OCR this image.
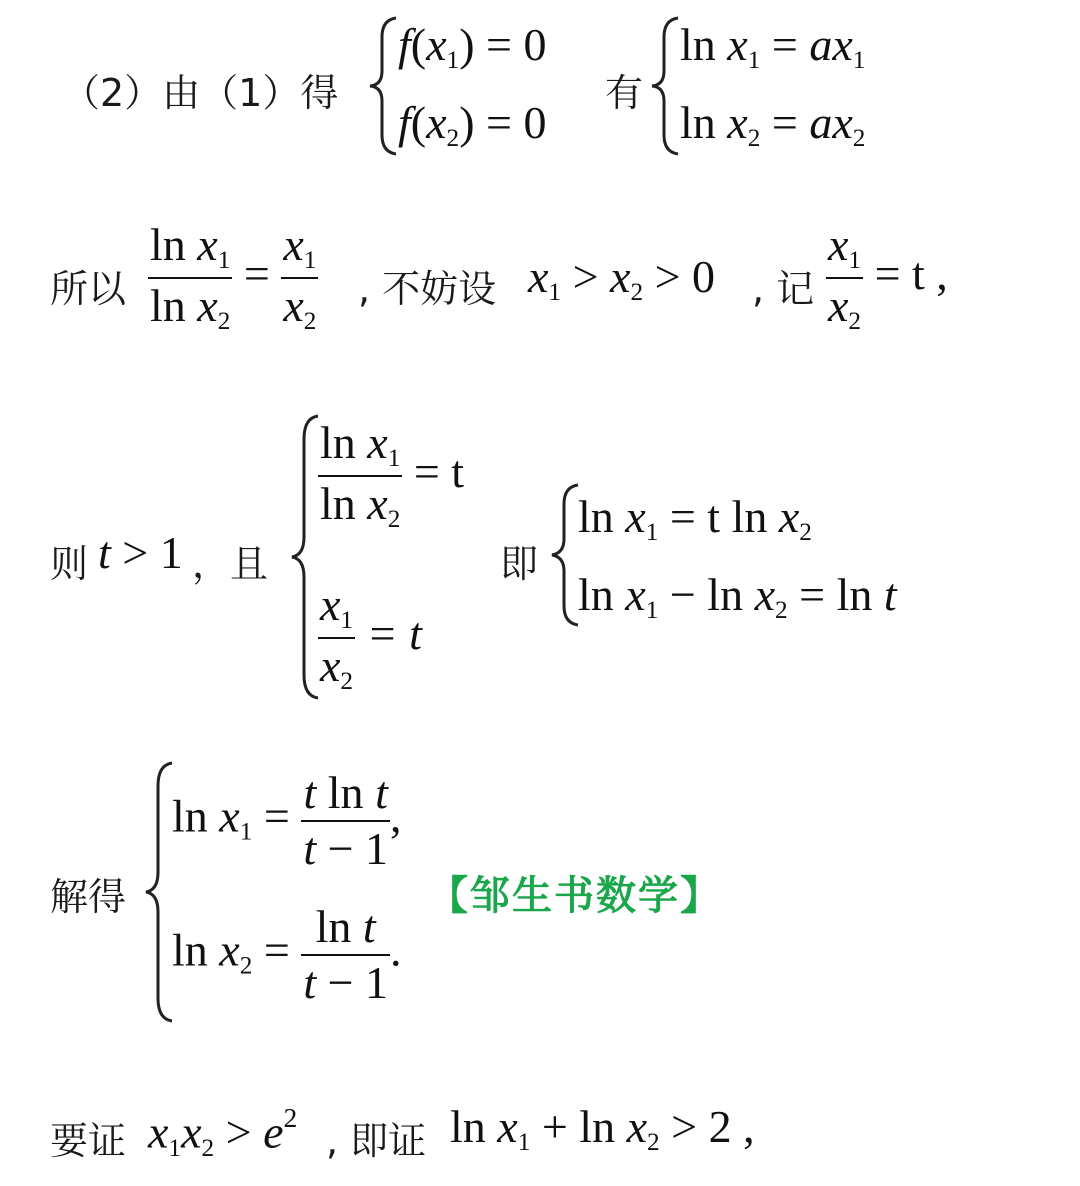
（2）由（1）得
$f(x_1) = 0$
$f(x_2) = 0$
有
$\ln x_1 = ax_1$
$\ln x_2 = ax_2$
所以 $\frac{\ln x_1}{\ln x_2} = \frac{x_1}{x_2}$ , 不妨设 $x_1 > x_2 > 0$ , 记 $\frac{x_1}{x_2} = t$ ,
则 t > 1 ，且
$\frac{\ln x_1}{\ln x_2} = t$
$\frac{x_1}{x_2} = t$
即
$\ln x_1 = t$ $\ln x_2$
$\ln x_1 - \ln x_2 = \ln t$
解得
$\ln x_1 = \frac{\text{t ln t}}{t - 1}$ ,
$\ln x_2 = \frac{\text{ln t}}{t - 1}$ .
【邹生书数学】
要证 $x_1x_2 > e^2$
, 即证 $\ln x_1 + \ln x_2 > 2$ ,
